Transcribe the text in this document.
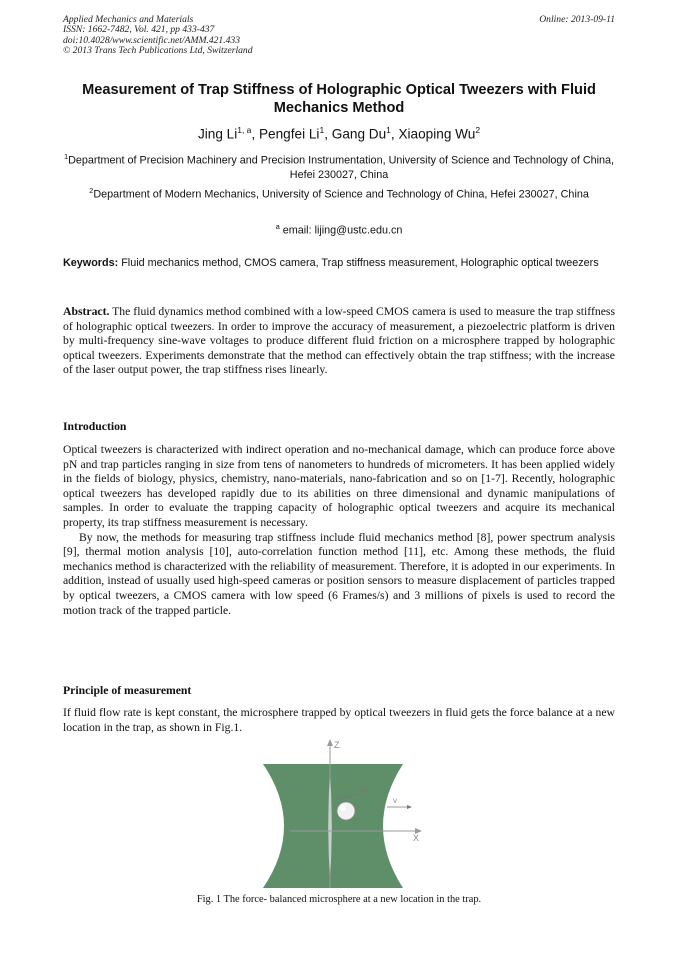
Applied Mechanics and Materials
ISSN: 1662-7482, Vol. 421, pp 433-437
doi:10.4028/www.scientific.net/AMM.421.433
© 2013 Trans Tech Publications Ltd, Switzerland
Online: 2013-09-11
Measurement of Trap Stiffness of Holographic Optical Tweezers with Fluid Mechanics Method
Jing Li$^{1, a}$, Pengfei Li$^1$, Gang Du$^1$, Xiaoping Wu$^2$
$^1$Department of Precision Machinery and Precision Instrumentation, University of Science and Technology of China, Hefei 230027, China
$^2$Department of Modern Mechanics, University of Science and Technology of China, Hefei 230027, China
$^a$ email: lijing@ustc.edu.cn
Keywords: Fluid mechanics method, CMOS camera, Trap stiffness measurement, Holographic optical tweezers
Abstract. The fluid dynamics method combined with a low-speed CMOS camera is used to measure the trap stiffness of holographic optical tweezers. In order to improve the accuracy of measurement, a piezoelectric platform is driven by multi-frequency sine-wave voltages to produce different fluid friction on a microsphere trapped by holographic optical tweezers. Experiments demonstrate that the method can effectively obtain the trap stiffness; with the increase of the laser output power, the trap stiffness rises linearly.
Introduction
Optical tweezers is characterized with indirect operation and no-mechanical damage, which can produce force above pN and trap particles ranging in size from tens of nanometers to hundreds of micrometers. It has been applied widely in the fields of biology, physics, chemistry, nano-materials, nano-fabrication and so on [1-7]. Recently, holographic optical tweezers has developed rapidly due to its abilities on three dimensional and dynamic manipulations of samples. In order to evaluate the trapping capacity of holographic optical tweezers and acquire its mechanical property, its trap stiffness measurement is necessary.
By now, the methods for measuring trap stiffness include fluid mechanics method [8], power spectrum analysis [9], thermal motion analysis [10], auto-correlation function method [11], etc. Among these methods, the fluid mechanics method is characterized with the reliability of measurement. Therefore, it is adopted in our experiments. In addition, instead of usually used high-speed cameras or position sensors to measure displacement of particles trapped by optical tweezers, a CMOS camera with low speed (6 Frames/s) and 3 millions of pixels is used to record the motion track of the trapped particle.
Principle of measurement
If fluid flow rate is kept constant, the microsphere trapped by optical tweezers in fluid gets the force balance at a new location in the trap, as shown in Fig.1.
Z
X
Δx
V
Fig. 1 The force- balanced microsphere at a new location in the trap.
